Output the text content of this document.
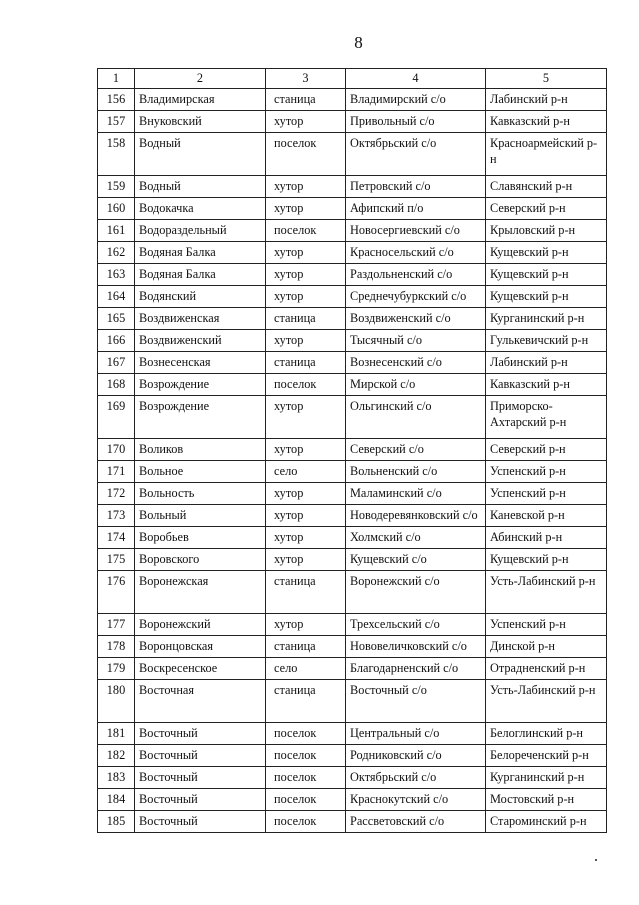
8
1	2	3	4	5
156	Владимирская	станица	Владимирский с/о	Лабинский р-н
157	Внуковский	хутор	Привольный с/о	Кавказский р-н
158	Водный	поселок	Октябрьский с/о	Красноармейский р-н
159	Водный	хутор	Петровский с/о	Славянский р-н
160	Водокачка	хутор	Афипский п/о	Северский р-н
161	Водораздельный	поселок	Новосергиевский с/о	Крыловский р-н
162	Водяная Балка	хутор	Красносельский с/о	Кущевский р-н
163	Водяная Балка	хутор	Раздольненский с/о	Кущевский р-н
164	Водянский	хутор	Среднечубуркский с/о	Кущевский р-н
165	Воздвиженская	станица	Воздвиженский с/о	Курганинский р-н
166	Воздвиженский	хутор	Тысячный с/о	Гулькевичский р-н
167	Вознесенская	станица	Вознесенский с/о	Лабинский р-н
168	Возрождение	поселок	Мирской с/о	Кавказский р-н
169	Возрождение	хутор	Ольгинский с/о	Приморско-Ахтарский р-н
170	Воликов	хутор	Северский с/о	Северский р-н
171	Вольное	село	Вольненский с/о	Успенский р-н
172	Вольность	хутор	Маламинский с/о	Успенский р-н
173	Вольный	хутор	Новодеревянковский с/о	Каневской р-н
174	Воробьев	хутор	Холмский с/о	Абинский р-н
175	Воровского	хутор	Кущевский с/о	Кущевский р-н
176	Воронежская	станица	Воронежский с/о	Усть-Лабинский р-н
177	Воронежский	хутор	Трехсельский с/о	Успенский р-н
178	Воронцовская	станица	Нововеличковский с/о	Динской р-н
179	Воскресенское	село	Благодарненский с/о	Отрадненский р-н
180	Восточная	станица	Восточный с/о	Усть-Лабинский р-н
181	Восточный	поселок	Центральный с/о	Белоглинский р-н
182	Восточный	поселок	Родниковский с/о	Белореченский р-н
183	Восточный	поселок	Октябрьский с/о	Курганинский р-н
184	Восточный	поселок	Краснокутский с/о	Мостовский р-н
185	Восточный	поселок	Рассветовский с/о	Староминский р-н
